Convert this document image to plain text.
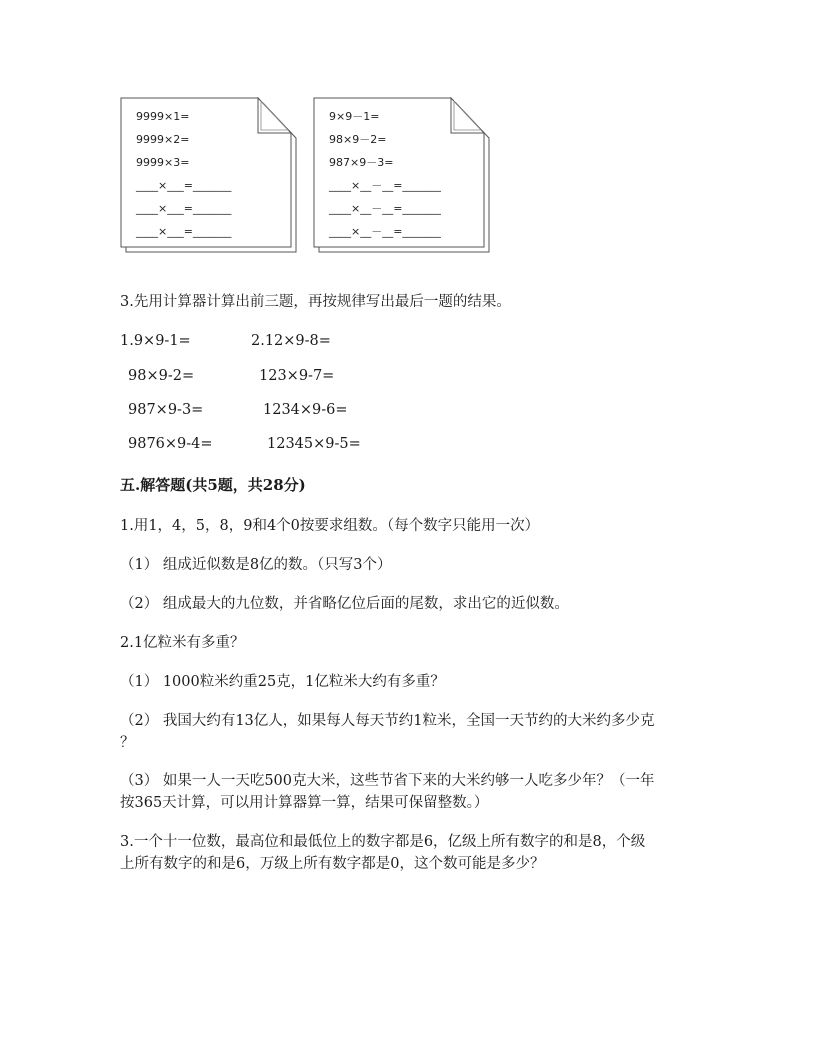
9999×1=
9999×2=
9999×3=
____×___=_______
____×___=_______
____×___=_______
9×9－1=
98×9－2=
987×9－3=
____×__－__=_______
____×__－__=_______
____×__－__=_______
3.先用计算器计算出前三题，再按规律写出最后一题的结果。
1.9×9-1=	2.12×9-8=
98×9-2=	123×9-7=
987×9-3=	1234×9-6=
9876×9-4=	12345×9-5=
五.解答题(共5题，共28分)
1.用1，4，5，8，9和4个0按要求组数。（每个数字只能用一次）
（1） 组成近似数是8亿的数。（只写3个）
（2） 组成最大的九位数，并省略亿位后面的尾数，求出它的近似数。
2.1亿粒米有多重？
（1） 1000粒米约重25克，1亿粒米大约有多重？
（2） 我国大约有13亿人，如果每人每天节约1粒米，全国一天节约的大米约多少克
？
（3） 如果一人一天吃500克大米，这些节省下来的大米约够一人吃多少年？（一年
按365天计算，可以用计算器算一算，结果可保留整数。）
3.一个十一位数，最高位和最低位上的数字都是6，亿级上所有数字的和是8，个级
上所有数字的和是6，万级上所有数字都是0，这个数可能是多少？
